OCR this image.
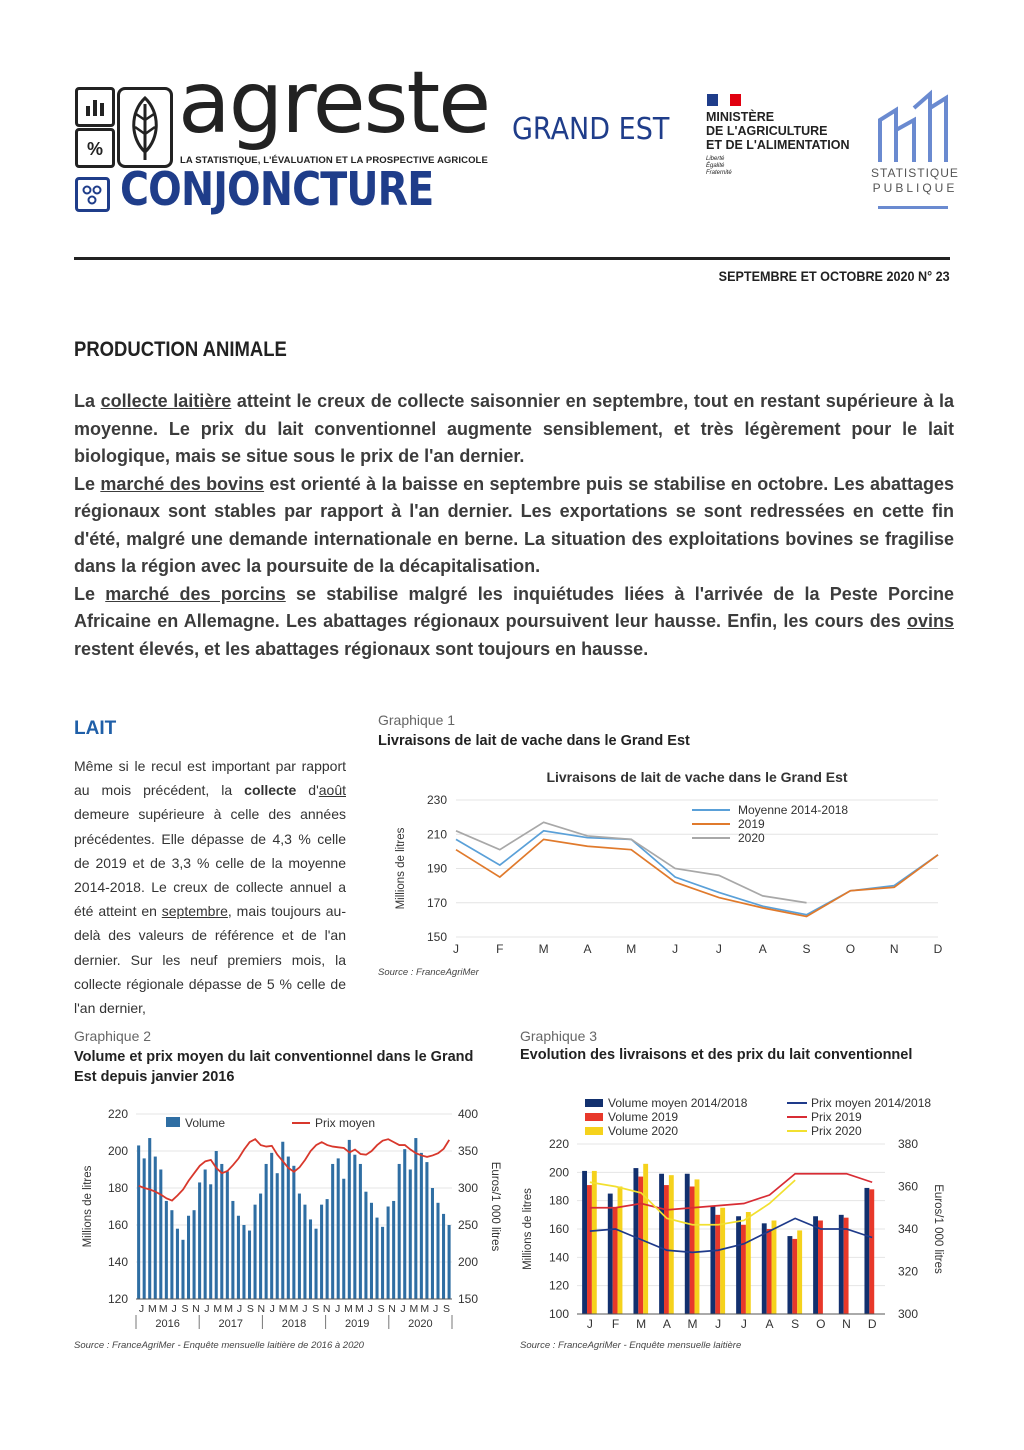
% agreste
LA STATISTIQUE, L'ÉVALUATION ET LA PROSPECTIVE AGRICOLE
CONJONCTURE
GRAND EST	MINISTÈRE
DE L'AGRICULTURE
ET DE L'ALIMENTATION
Liberté
Égalité
Fraternité	STATISTIQUE
PUBLIQUE
SEPTEMBRE ET OCTOBRE 2020 N° 23
PRODUCTION ANIMALE

La collecte laitière atteint le creux de collecte saisonnier en septembre, tout en restant supérieure à la moyenne. Le prix du lait conventionnel augmente sensiblement, et très légèrement pour le lait biologique, mais se situe sous le prix de l'an dernier.

Le marché des bovins est orienté à la baisse en septembre puis se stabilise en octobre. Les abattages régionaux sont stables par rapport à l'an dernier. Les exportations se sont redressées en cette fin d'été, malgré une demande internationale en berne. La situation des exploitations bovines se fragilise dans la région avec la poursuite de la décapitalisation.

Le marché des porcins se stabilise malgré les inquiétudes liées à l'arrivée de la Peste Porcine Africaine en Allemagne. Les abattages régionaux poursuivent leur hausse. Enfin, les cours des ovins restent élevés, et les abattages régionaux sont toujours en hausse.

LAIT
Même si le recul est important par rapport au mois précédent, la collecte d'août demeure supérieure à celle des années précédentes. Elle dépasse de 4,3 % celle de 2019 et de 3,3 % celle de la moyenne 2014-2018. Le creux de collecte annuel a été atteint en septembre, mais toujours au-delà des valeurs de référence et de l'an dernier. Sur les neuf premiers mois, la collecte régionale dépasse de 5 % celle de l'an dernier,
Graphique 1
Livraisons de lait de vache dans le Grand Est
Livraisons de lait de vache dans le Grand Est
150
170
190
210
230
J	F	M	A	M	J	J	A	S	O	N	D
Millions de litres
Moyenne 2014-2018
2019
2020
Source : FranceAgriMer
Graphique 2
Volume et prix moyen du lait conventionnel dans le Grand Est depuis janvier 2016
120
140
160
180
200
220
150
200
250
300
350
400
J M M J S N J M M J S N J M M J S N J M M J S N J M M J S
2016	2017	2018	2019	2020
Millions de litres	Euros/1 000 litres
Volume	Prix moyen
Source : FranceAgriMer - Enquête mensuelle laitière de 2016 à 2020
Graphique 3
Evolution des livraisons et des prix du lait conventionnel
100
120
140
160
180
200
220
300
320
340
360
380
J F M A M J J A S O N D
Millions de litres	Euros/1 000 litres
Volume moyen 2014/2018	Prix moyen 2014/2018
Volume 2019	Prix 2019
Volume 2020	Prix 2020
Source : FranceAgriMer - Enquête mensuelle laitière
